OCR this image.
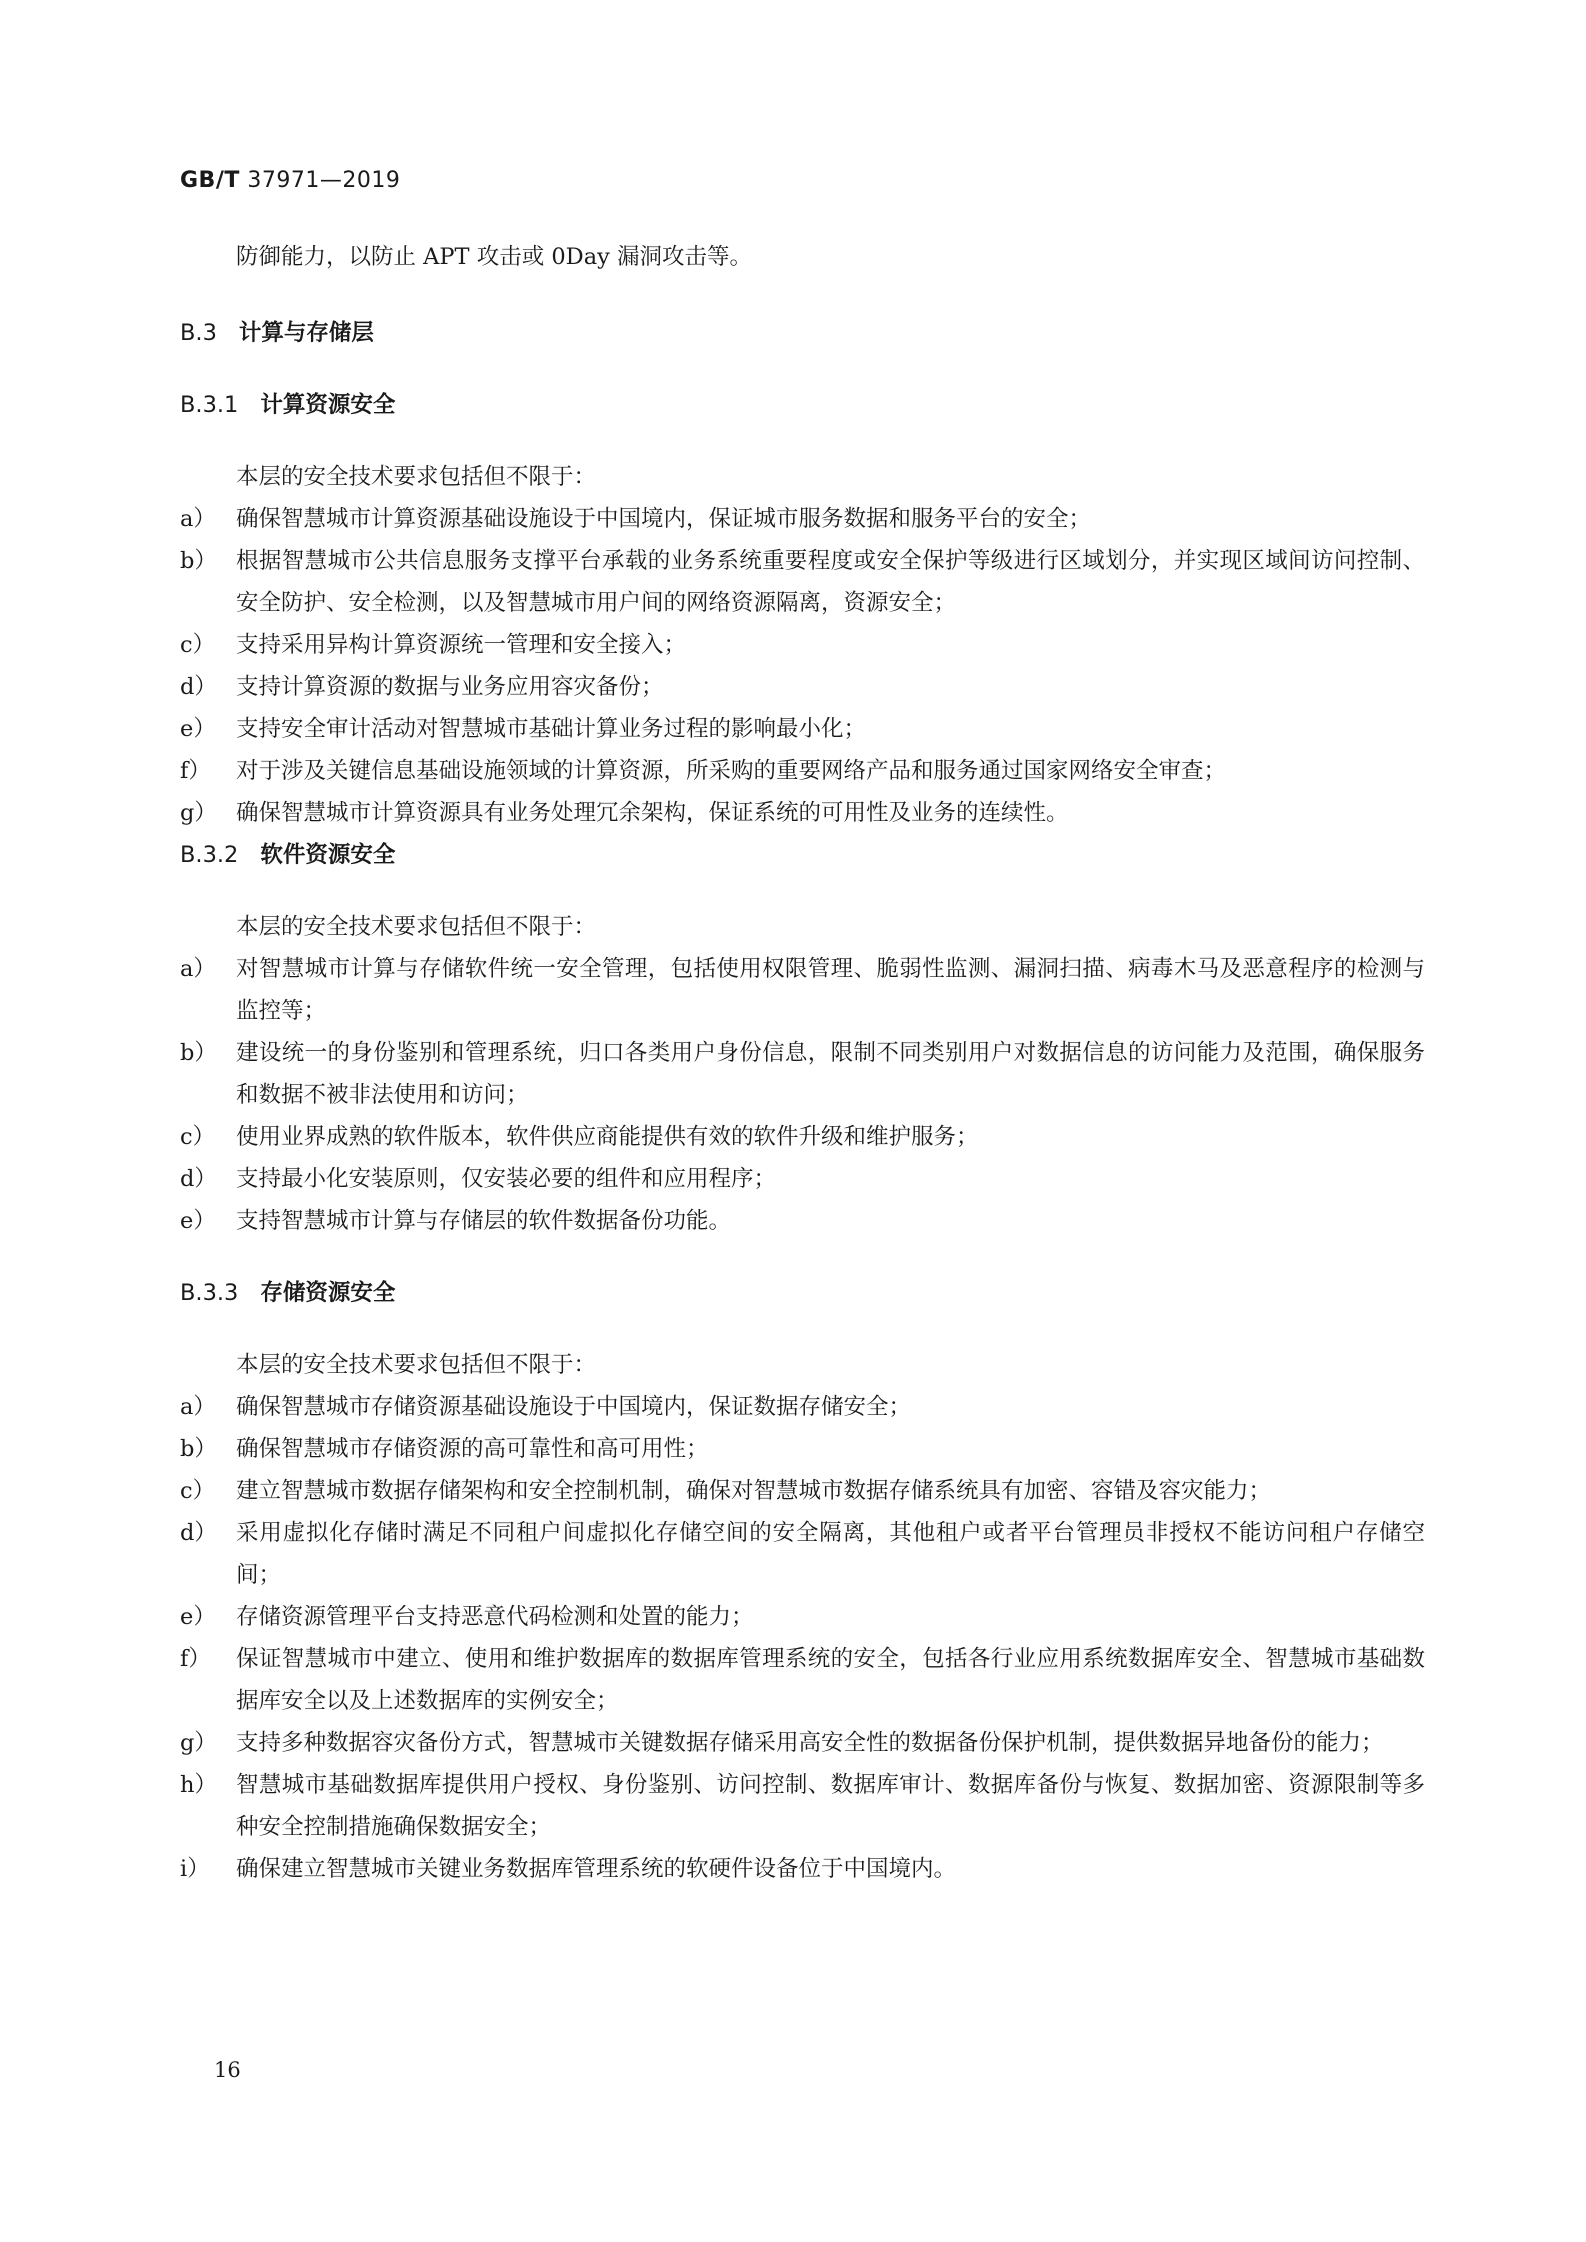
GB/T 37971—2019

防御能力，以防止 APT 攻击或 0Day 漏洞攻击等。

B.3 计算与存储层

B.3.1 计算资源安全

本层的安全技术要求包括但不限于：

a） 确保智慧城市计算资源基础设施设于中国境内，保证城市服务数据和服务平台的安全；
b） 根据智慧城市公共信息服务支撑平台承载的业务系统重要程度或安全保护等级进行区域划分，并实现区域间访问控制、安全防护、安全检测，以及智慧城市用户间的网络资源隔离，资源安全；
c） 支持采用异构计算资源统一管理和安全接入；
d） 支持计算资源的数据与业务应用容灾备份；
e） 支持安全审计活动对智慧城市基础计算业务过程的影响最小化；
f）	对于涉及关键信息基础设施领域的计算资源，所采购的重要网络产品和服务通过国家网络安全审查；
g） 确保智慧城市计算资源具有业务处理冗余架构，保证系统的可用性及业务的连续性。

B.3.2 软件资源安全

本层的安全技术要求包括但不限于：

a） 对智慧城市计算与存储软件统一安全管理，包括使用权限管理、脆弱性监测、漏洞扫描、病毒木马及恶意程序的检测与监控等；
b） 建设统一的身份鉴别和管理系统，归口各类用户身份信息，限制不同类别用户对数据信息的访问能力及范围，确保服务和数据不被非法使用和访问；
c） 使用业界成熟的软件版本，软件供应商能提供有效的软件升级和维护服务；
d） 支持最小化安装原则，仅安装必要的组件和应用程序；
e） 支持智慧城市计算与存储层的软件数据备份功能。

B.3.3 存储资源安全

本层的安全技术要求包括但不限于：

a） 确保智慧城市存储资源基础设施设于中国境内，保证数据存储安全；
b） 确保智慧城市存储资源的高可靠性和高可用性；
c） 建立智慧城市数据存储架构和安全控制机制，确保对智慧城市数据存储系统具有加密、容错及容灾能力；
d） 采用虚拟化存储时满足不同租户间虚拟化存储空间的安全隔离，其他租户或者平台管理员非授权不能访问租户存储空间；
e） 存储资源管理平台支持恶意代码检测和处置的能力；
f）	保证智慧城市中建立、使用和维护数据库的数据库管理系统的安全，包括各行业应用系统数据库安全、智慧城市基础数据库安全以及上述数据库的实例安全；
g） 支持多种数据容灾备份方式，智慧城市关键数据存储采用高安全性的数据备份保护机制，提供数据异地备份的能力；
h） 智慧城市基础数据库提供用户授权、身份鉴别、访问控制、数据库审计、数据库备份与恢复、数据加密、资源限制等多种安全控制措施确保数据安全；
i）	确保建立智慧城市关键业务数据库管理系统的软硬件设备位于中国境内。
16
